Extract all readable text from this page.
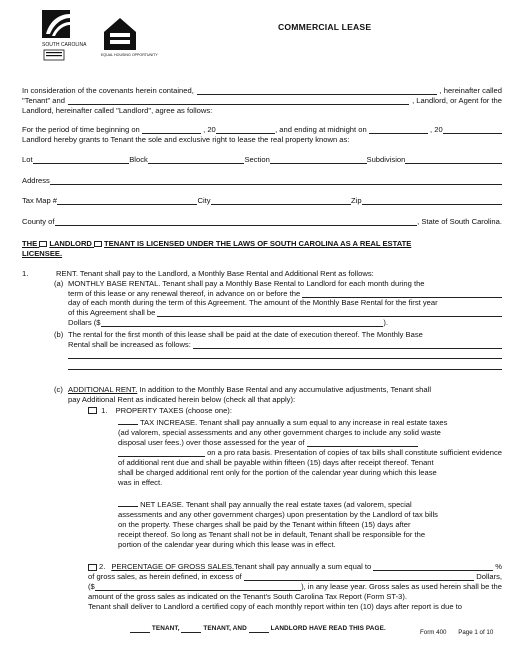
SOUTH CAROLINA
EQUAL HOUSING OPPORTUNITY
COMMERCIAL LEASE
In consideration of the covenants herein contained,	, hereinafter called
"Tenant" and	, Landlord, or Agent for the
Landlord, hereinafter called "Landlord", agree as follows:
For the period of time beginning on	, 20	, and ending at midnight on	, 20
Landlord hereby grants to Tenant the sole and exclusive right to lease the real property known as:
Lot	Block	Section	Subdivision
Address
Tax Map #	City	Zip
County of	, State of South Carolina.
THE LANDLORD TENANT IS LICENSED UNDER THE LAWS OF SOUTH CAROLINA AS A REAL ESTATE
LICENSEE.
1.	RENT. Tenant shall pay to the Landlord, a Monthly Base Rental and Additional Rent as follows:
(a) MONTHLY BASE RENTAL. Tenant shall pay a Monthly Base Rental to Landlord for each month during the
term of this lease or any renewal thereof, in advance on or before the
day of each month during the term of this Agreement. The amount of the Monthly Base Rental for the first year
of this Agreement shall be
Dollars ($	).
(b) The rental for the first month of this lease shall be paid at the date of execution thereof. The Monthly Base
Rental shall be increased as follows:
(c) ADDITIONAL RENT. In addition to the Monthly Base Rental and any accumulative adjustments, Tenant shall
pay Additional Rent as indicated herein below (check all that apply):
1. PROPERTY TAXES (choose one):
TAX INCREASE. Tenant shall pay annually a sum equal to any increase in real estate taxes
(ad valorem, special assessments and any other government charges to include any solid waste
disposal user fees.) over those assessed for the year of
on a pro rata basis. Presentation of copies of tax bills shall constitute sufficient evidence
of additional rent due and shall be payable within fifteen (15) days after receipt thereof. Tenant
shall be charged additional rent only for the portion of the calendar year during which this lease
was in effect.
NET LEASE. Tenant shall pay annually the real estate taxes (ad valorem, special
assessments and any other government charges) upon presentation by the Landlord of tax bills
on the property. These charges shall be paid by the Tenant within fifteen (15) days after
receipt thereof. So long as Tenant shall not be in default, Tenant shall be responsible for the
portion of the calendar year during which this lease was in effect.
2. PERCENTAGE OF GROSS SALES. Tenant shall pay annually a sum equal to	%
of gross sales, as herein defined, in excess of	Dollars,
($	), in any lease year. Gross sales as used herein shall be the
amount of the gross sales as indicated on the Tenant's South Carolina Tax Report (Form ST-3).
Tenant shall deliver to Landlord a certified copy of each monthly report within ten (10) days after report is due to
TENANT,	TENANT, AND	LANDLORD HAVE READ THIS PAGE.
Form 400 Page 1 of 10
